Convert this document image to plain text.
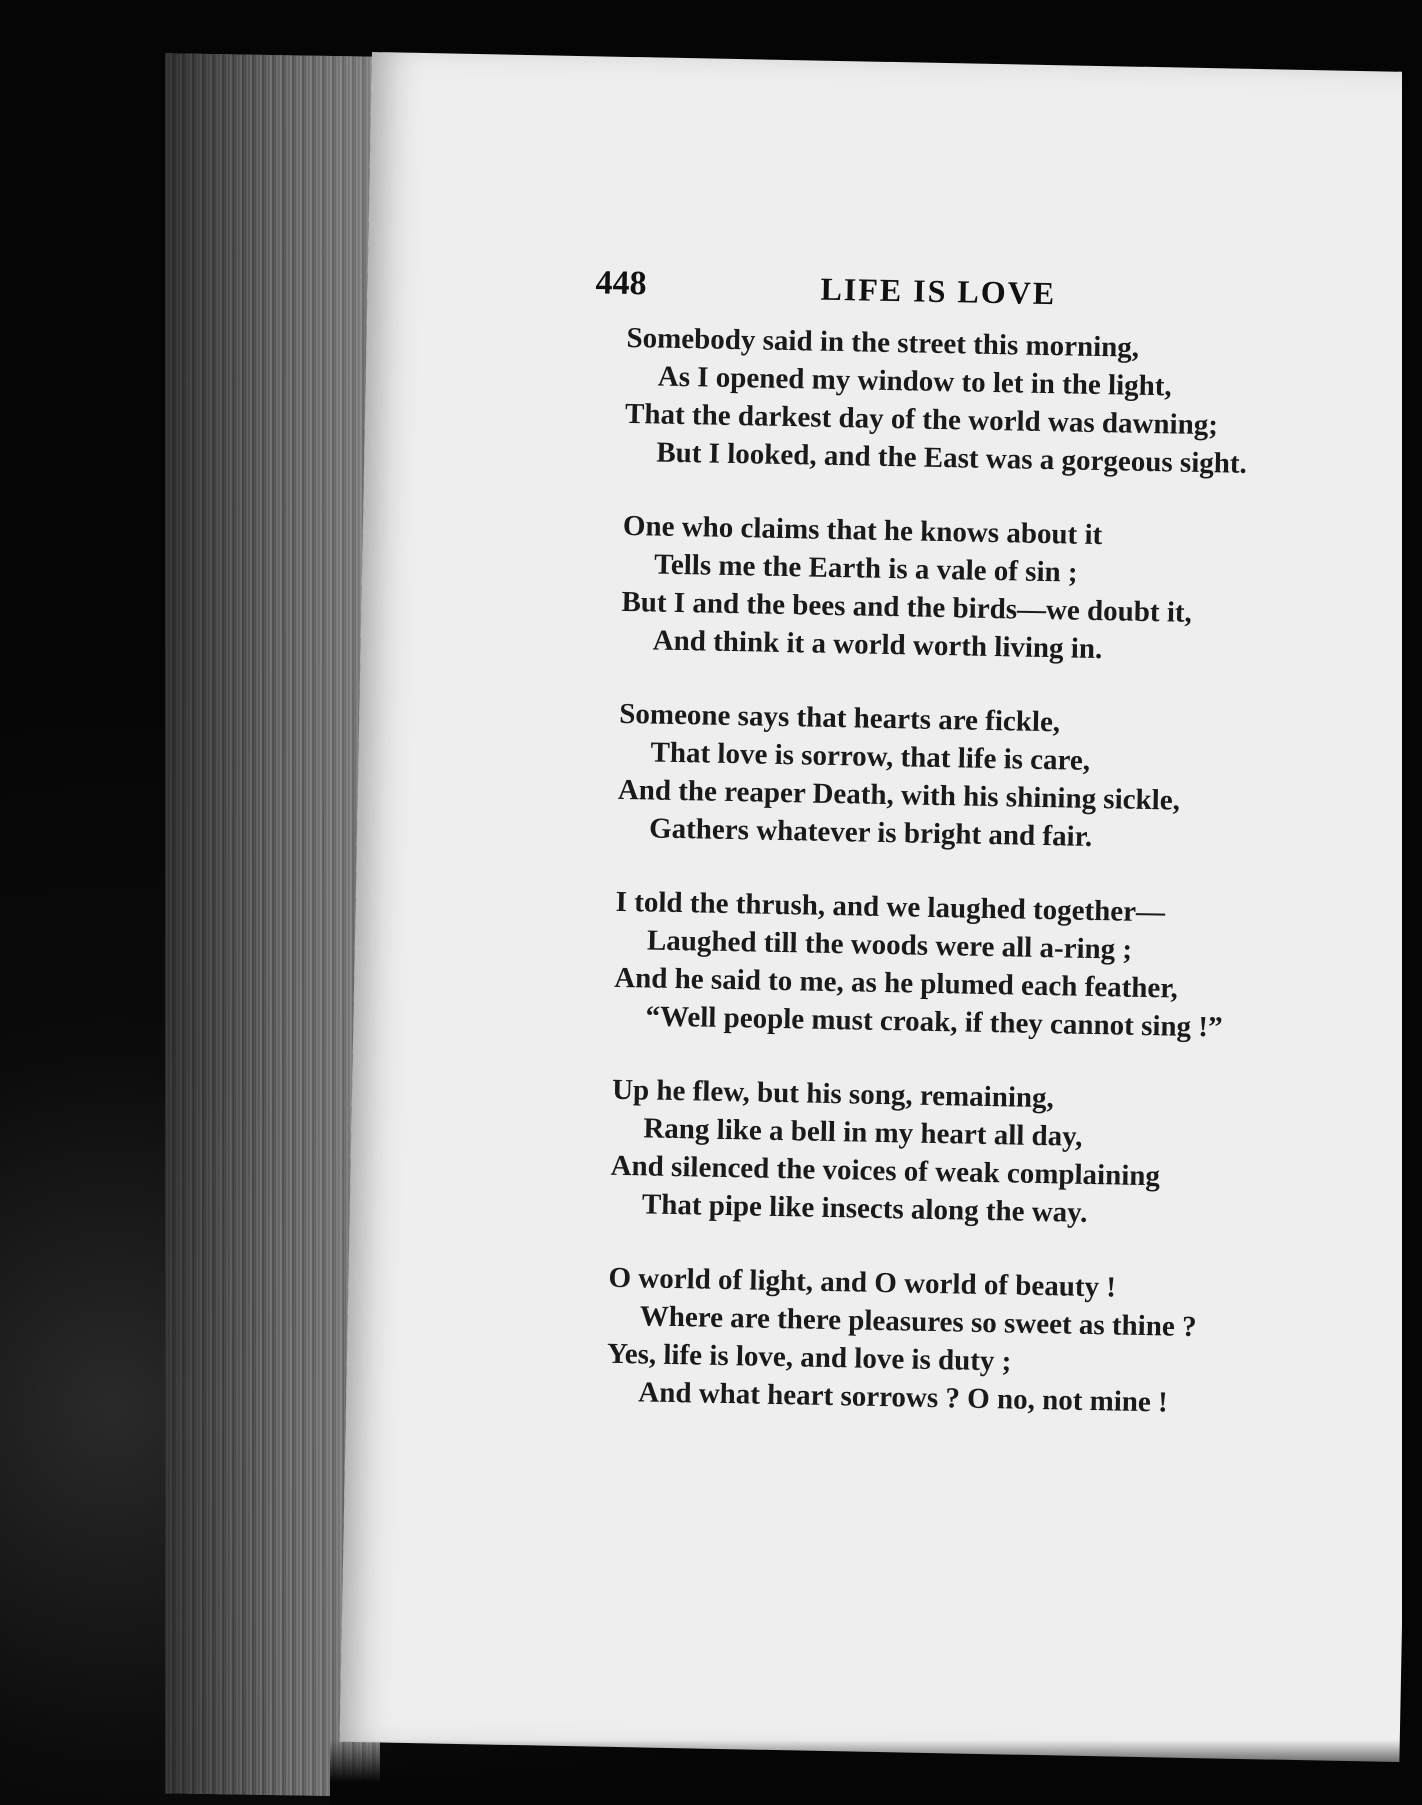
448	LIFE IS LOVE
Somebody said in the street this morning,
As I opened my window to let in the light,
That the darkest day of the world was dawning;
But I looked, and the East was a gorgeous sight.
One who claims that he knows about it
Tells me the Earth is a vale of sin ;
But I and the bees and the birds—we doubt it,
And think it a world worth living in.
Someone says that hearts are fickle,
That love is sorrow, that life is care,
And the reaper Death, with his shining sickle,
Gathers whatever is bright and fair.
I told the thrush, and we laughed together—
Laughed till the woods were all a-ring ;
And he said to me, as he plumed each feather,
“Well people must croak, if they cannot sing !”
Up he flew, but his song, remaining,
Rang like a bell in my heart all day,
And silenced the voices of weak complaining
That pipe like insects along the way.
O world of light, and O world of beauty !
Where are there pleasures so sweet as thine ?
Yes, life is love, and love is duty ;
And what heart sorrows ? O no, not mine !
